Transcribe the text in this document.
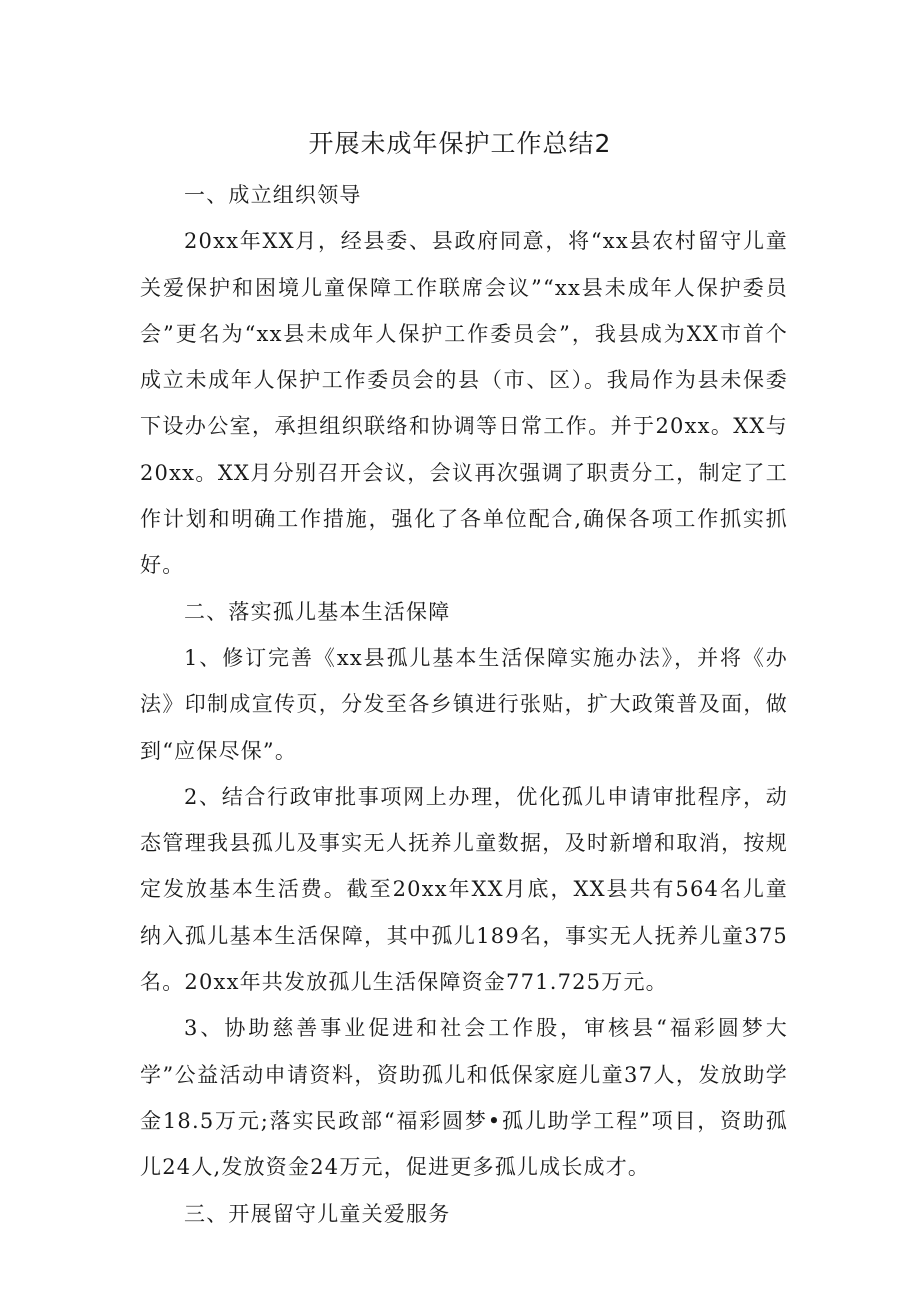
开展未成年保护工作总结2

一、成立组织领导

20xx年XX月，经县委、县政府同意，将“xx县农村留守儿童关爱保护和困境儿童保障工作联席会议”“xx县未成年人保护委员会”更名为“xx县未成年人保护工作委员会”，我县成为XX市首个成立未成年人保护工作委员会的县（市、区）。我局作为县未保委下设办公室，承担组织联络和协调等日常工作。并于20xx。XX与20xx。XX月分别召开会议，会议再次强调了职责分工，制定了工作计划和明确工作措施，强化了各单位配合,确保各项工作抓实抓好。

二、落实孤儿基本生活保障

1、修订完善《xx县孤儿基本生活保障实施办法》，并将《办法》印制成宣传页，分发至各乡镇进行张贴，扩大政策普及面，做到“应保尽保”。

2、结合行政审批事项网上办理，优化孤儿申请审批程序，动态管理我县孤儿及事实无人抚养儿童数据，及时新增和取消，按规定发放基本生活费。截至20xx年XX月底，XX县共有564名儿童纳入孤儿基本生活保障，其中孤儿189名，事实无人抚养儿童375名。20xx年共发放孤儿生活保障资金771.725万元。

3、协助慈善事业促进和社会工作股，审核县“福彩圆梦大学”公益活动申请资料，资助孤儿和低保家庭儿童37人，发放助学金18.5万元;落实民政部“福彩圆梦•孤儿助学工程”项目，资助孤儿24人,发放资金24万元，促进更多孤儿成长成才。

三、开展留守儿童关爱服务
